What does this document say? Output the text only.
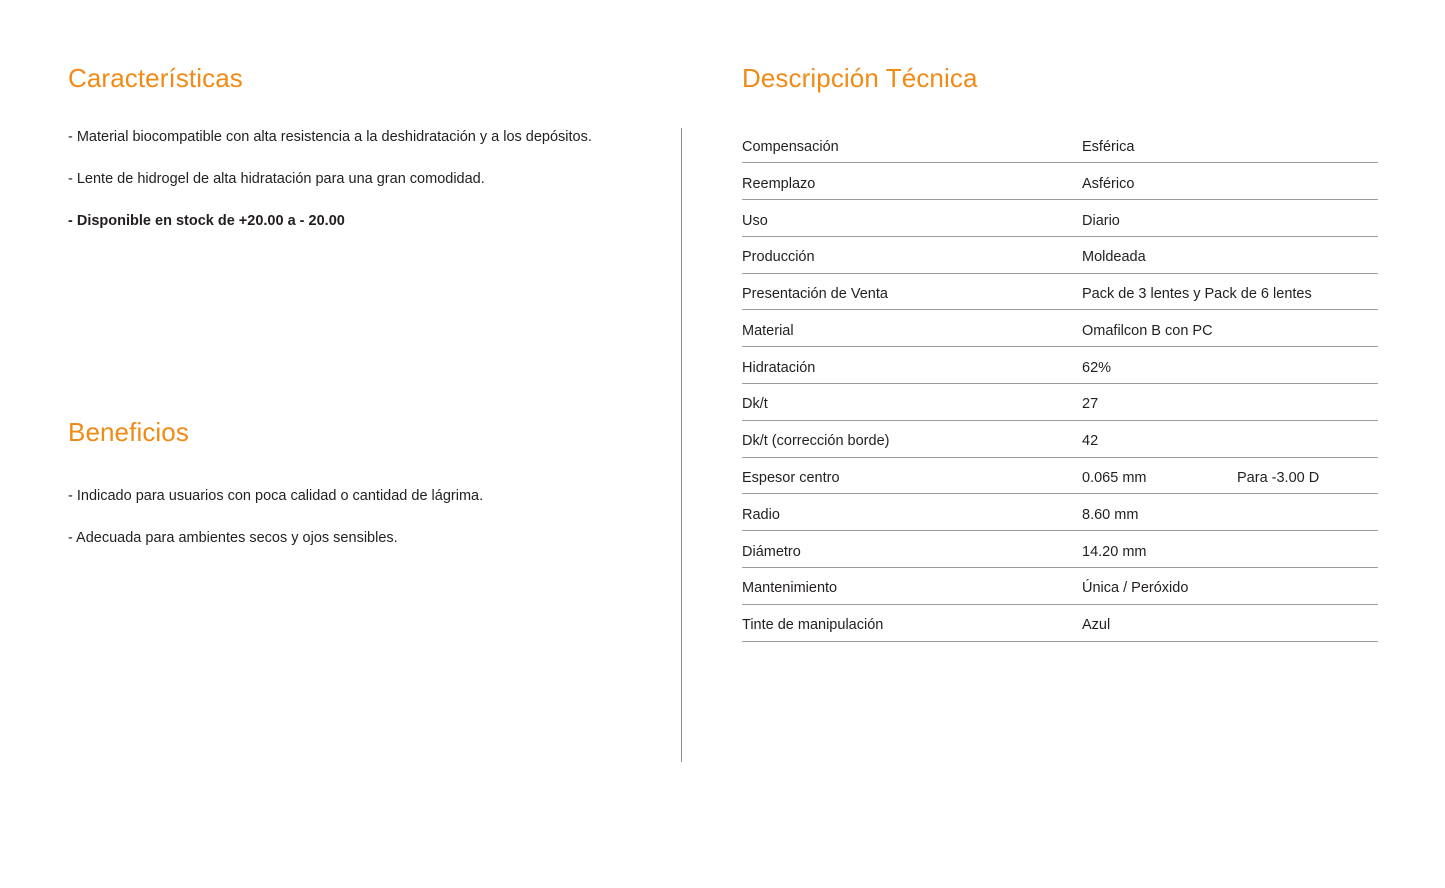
Características
- Material biocompatible con alta resistencia a la deshidratación y a los depósitos.
- Lente de hidrogel de alta hidratación para una gran comodidad.
- Disponible en stock de +20.00 a - 20.00
Beneficios
- Indicado para usuarios con poca calidad o cantidad de lágrima.
- Adecuada para ambientes secos y ojos sensibles.
Descripción Técnica
Compensación	Esférica	
Reemplazo	Asférico	
Uso	Diario	
Producción	Moldeada	
Presentación de Venta	Pack de 3 lentes y Pack de 6 lentes	
Material	Omafilcon B con PC	
Hidratación	62%	
Dk/t	27	
Dk/t (corrección borde)	42	
Espesor centro	0.065 mm	Para -3.00 D
Radio	8.60 mm	
Diámetro	14.20 mm	
Mantenimiento	Única / Peróxido	
Tinte de manipulación	Azul	
